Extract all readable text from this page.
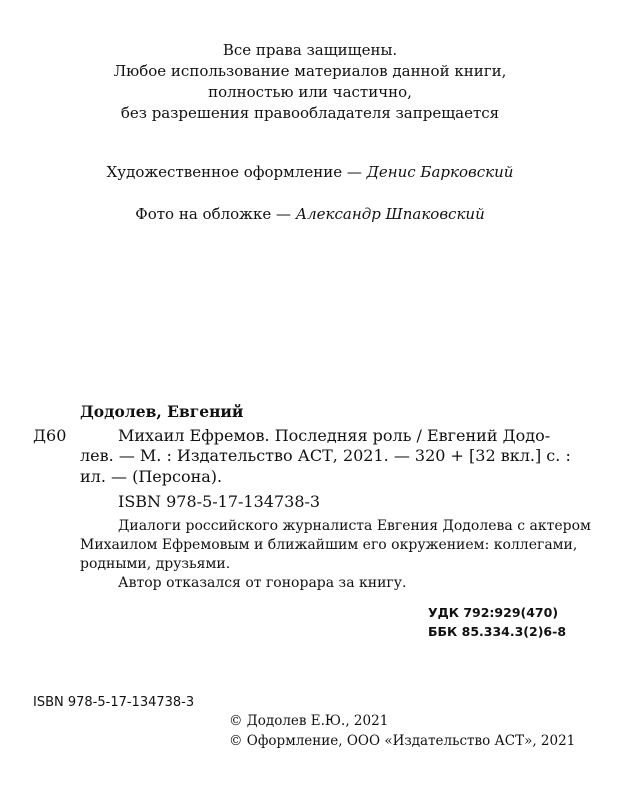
Все права защищены.
Любое использование материалов данной книги,
полностью или частично,
без разрешения правообладателя запрещается
Художественное оформление — Денис Барковский
Фото на обложке — Александр Шпаковский
Додолев, Евгений
Д60	Михаил Ефремов. Последняя роль / Евгений Додо-
лев. — М. : Издательство АСТ, 2021. — 320 + [32 вкл.] с. :
ил. — (Персона).
ISBN 978-5-17-134738-3
Диалоги российского журналиста Евгения Додолева с актером
Михаилом Ефремовым и ближайшим его окружением: коллегами,
родными, друзьями.
Автор отказался от гонорара за книгу.
УДК 792:929(470)
ББК 85.334.3(2)6-8
ISBN 978-5-17-134738-3
© Додолев Е.Ю., 2021
© Оформление, ООО «Издательство АСТ», 2021
